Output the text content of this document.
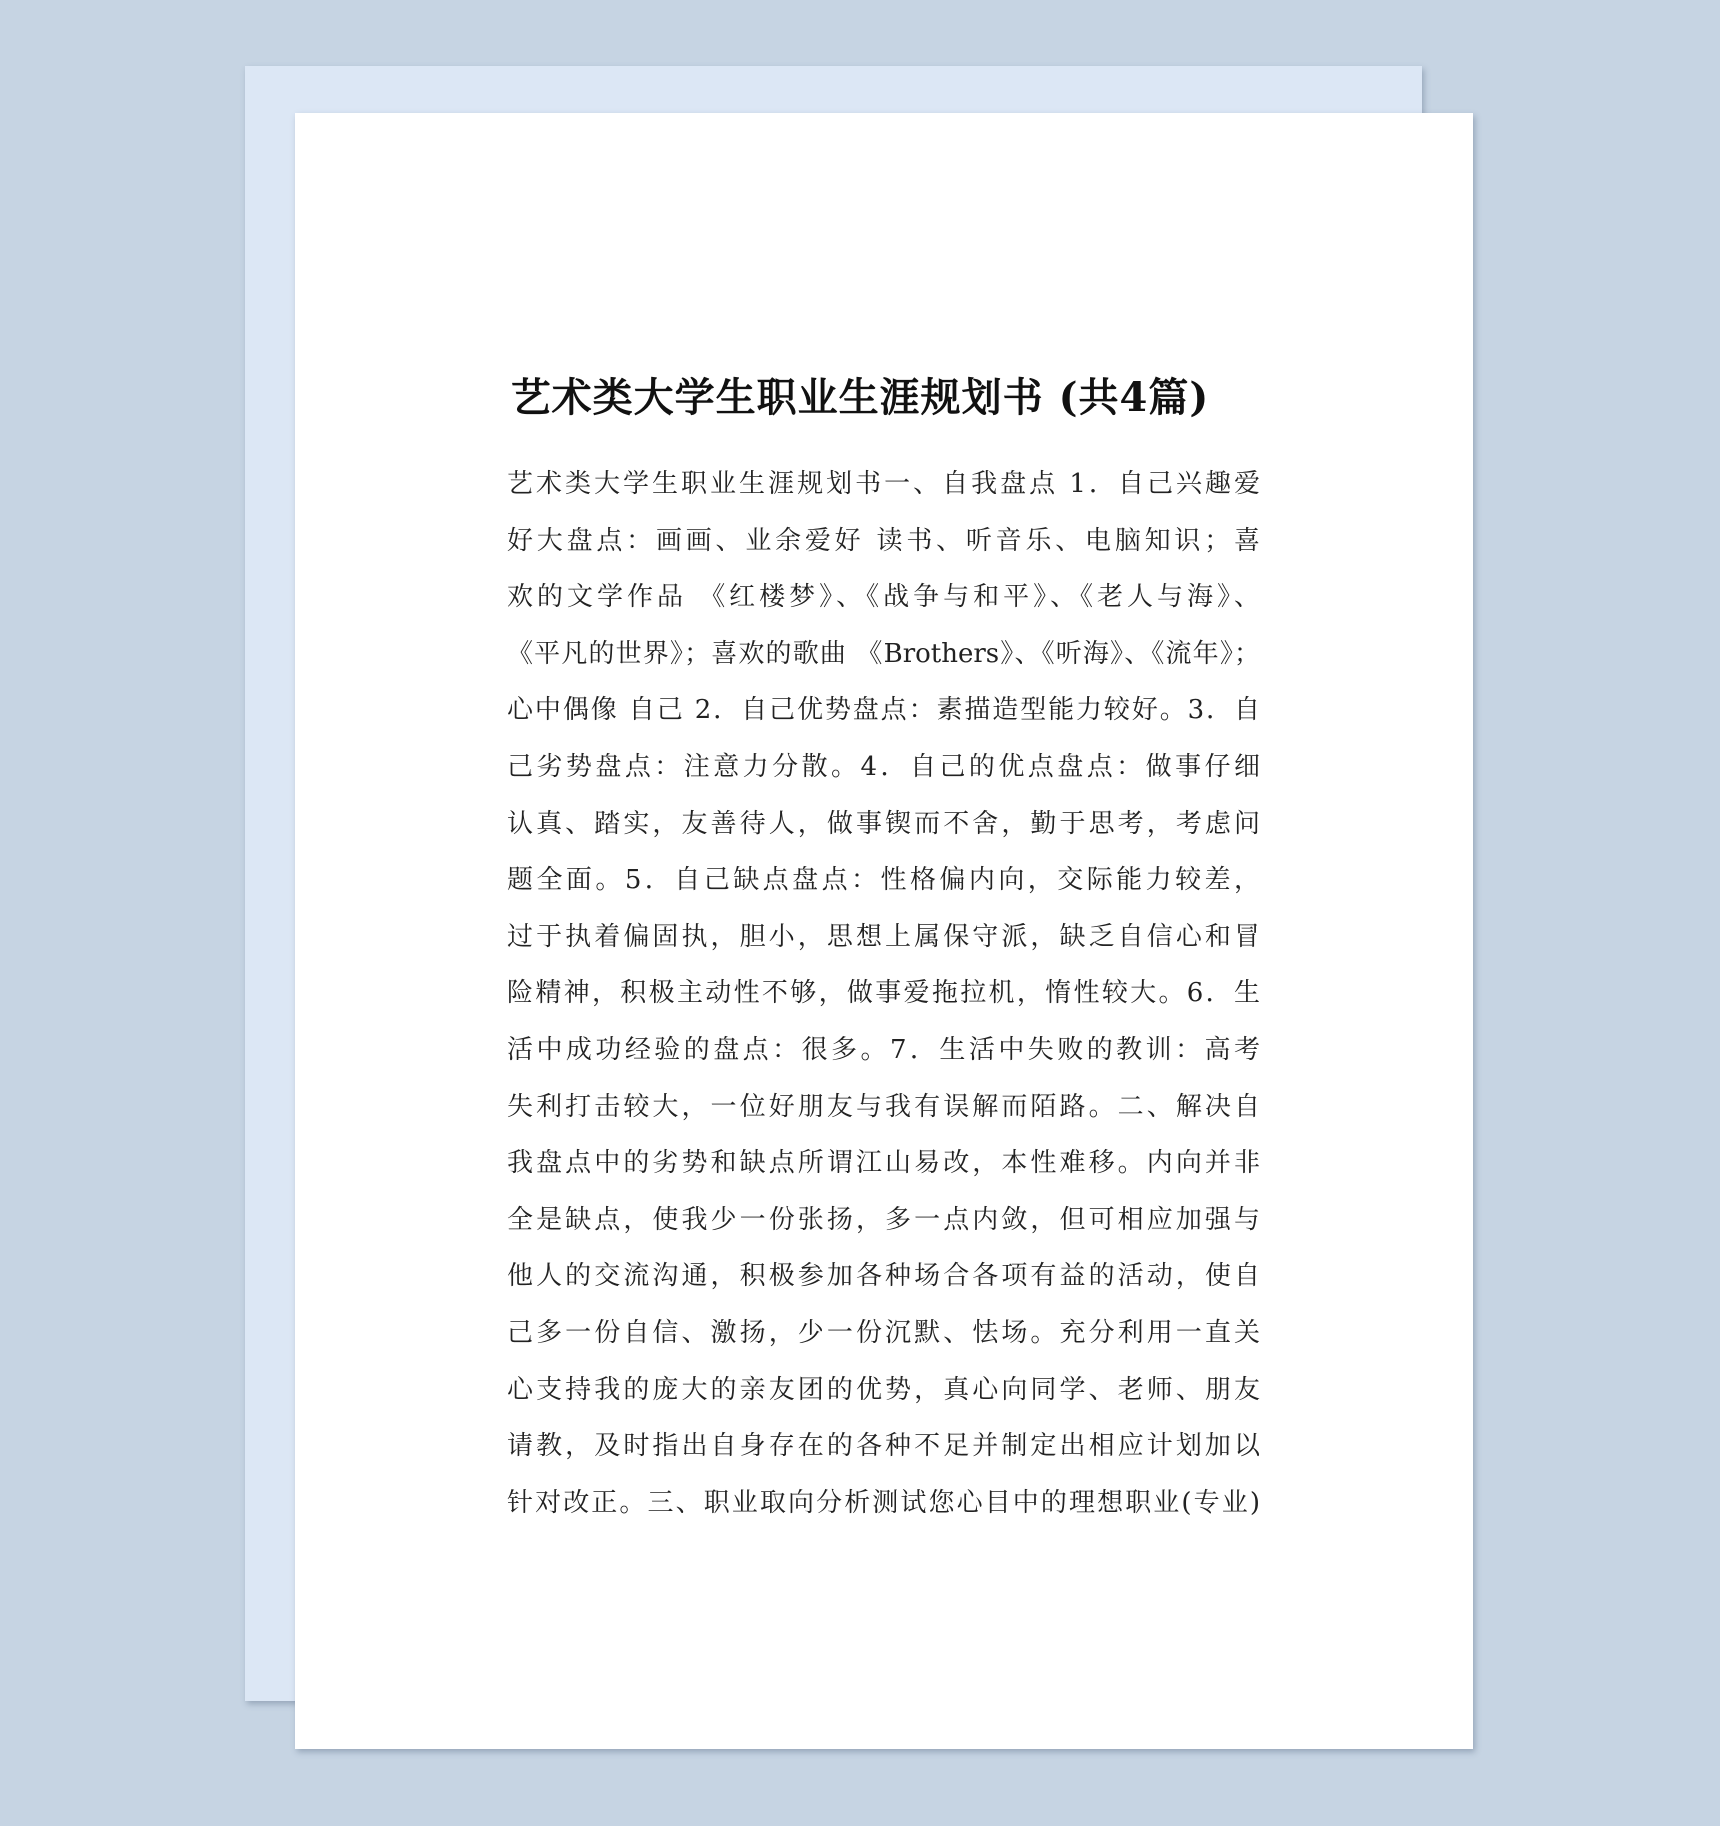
艺术类大学生职业生涯规划书 (共4篇)
艺术类大学生职业生涯规划书一、自我盘点 1．自己兴趣爱
好大盘点：画画、业余爱好 读书、听音乐、电脑知识；喜
欢的文学作品 《红楼梦》、《战争与和平》、《老人与海》、
《平凡的世界》；喜欢的歌曲 《Brothers》、《听海》、《流年》；
心中偶像 自己 2．自己优势盘点：素描造型能力较好。3．自
己劣势盘点：注意力分散。4．自己的优点盘点：做事仔细
认真、踏实，友善待人，做事锲而不舍，勤于思考，考虑问
题全面。5．自己缺点盘点：性格偏内向，交际能力较差，
过于执着偏固执，胆小，思想上属保守派，缺乏自信心和冒
险精神，积极主动性不够，做事爱拖拉机，惰性较大。6．生
活中成功经验的盘点：很多。7．生活中失败的教训：高考
失利打击较大，一位好朋友与我有误解而陌路。二、解决自
我盘点中的劣势和缺点所谓江山易改，本性难移。内向并非
全是缺点，使我少一份张扬，多一点内敛，但可相应加强与
他人的交流沟通，积极参加各种场合各项有益的活动，使自
己多一份自信、激扬，少一份沉默、怯场。充分利用一直关
心支持我的庞大的亲友团的优势，真心向同学、老师、朋友
请教，及时指出自身存在的各种不足并制定出相应计划加以
针对改正。三、职业取向分析测试您心目中的理想职业(专业)
